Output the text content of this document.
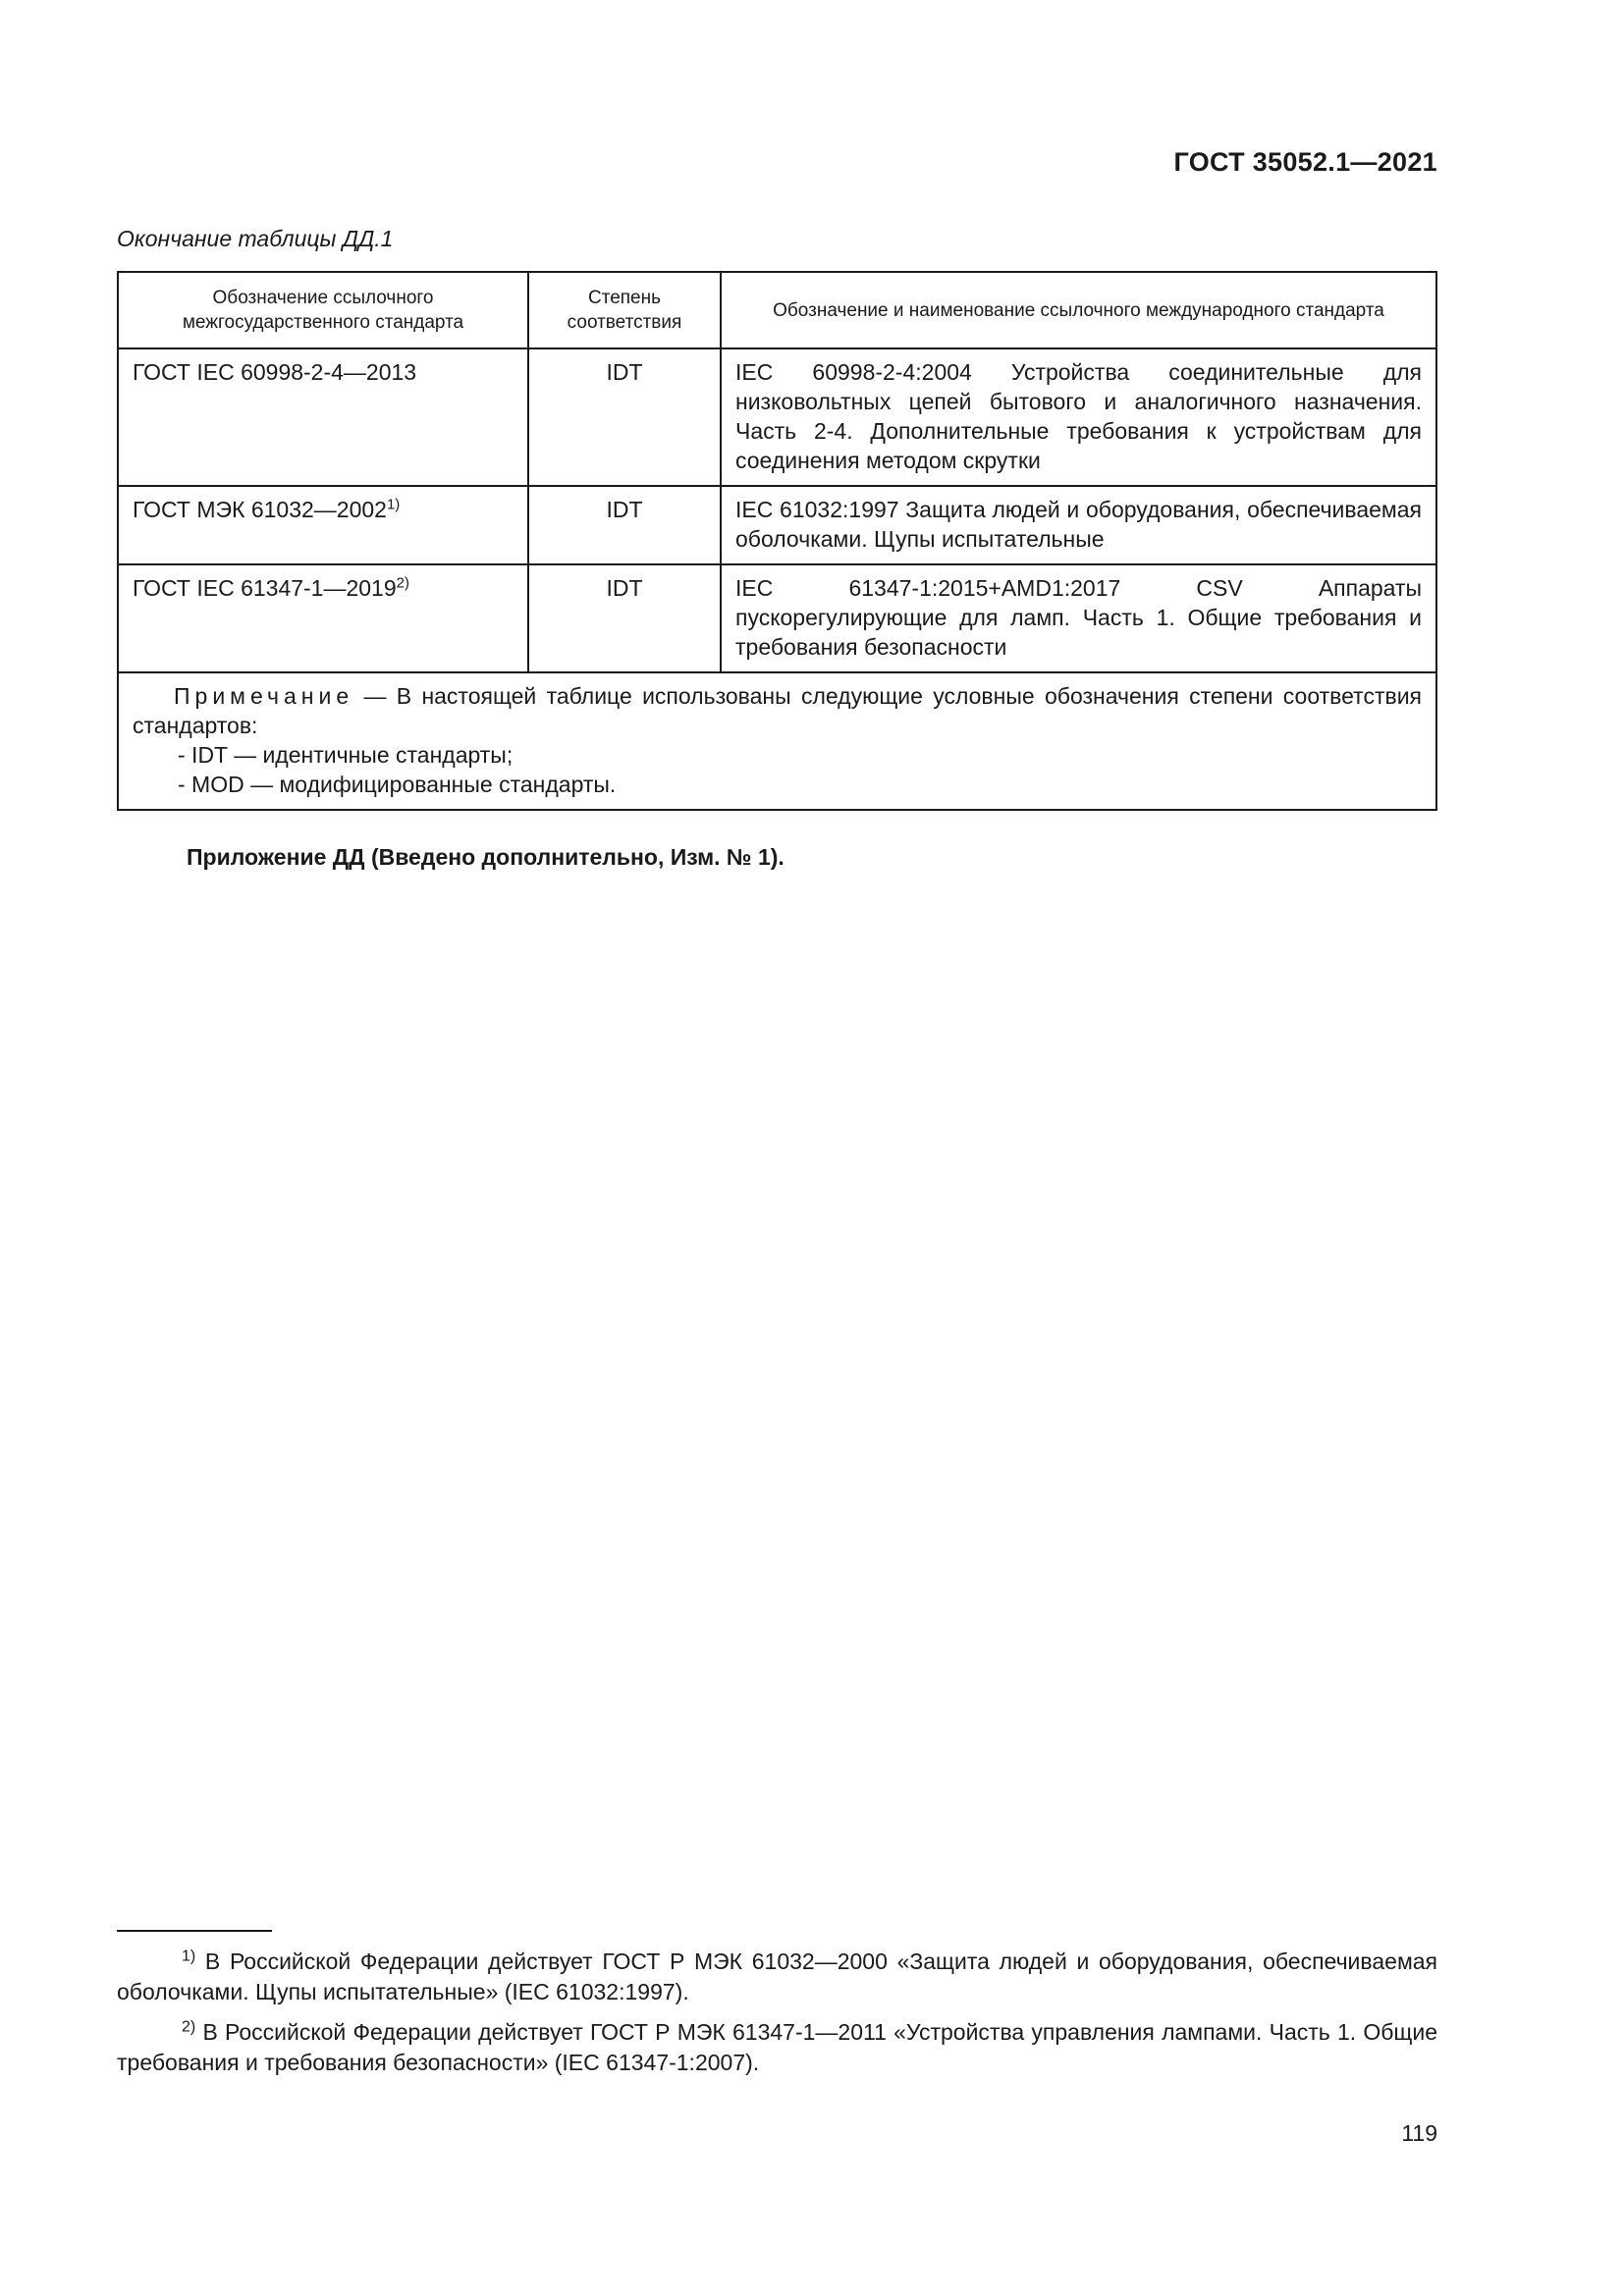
ГОСТ 35052.1—2021
Окончание таблицы ДД.1
Обозначение ссылочного межгосударственного стандарта	Степень соответствия	Обозначение и наименование ссылочного международного стандарта
ГОСТ IEC 60998-2-4—2013	IDT	IEC 60998-2-4:2004 Устройства соединительные для низковольтных цепей бытового и аналогичного назначения. Часть 2-4. Дополнительные требования к устройствам для соединения методом скрутки
ГОСТ МЭК 61032—2002$^{1)}$	IDT	IEC 61032:1997 Защита людей и оборудования, обеспечиваемая оболочками. Щупы испытательные
ГОСТ IEC 61347-1—2019$^{2)}$	IDT	IEC 61347-1:2015+AMD1:2017 CSV Аппараты пускорегулирующие для ламп. Часть 1. Общие требования и требования безопасности

Примечание — В настоящей таблице использованы следующие условные обозначения степени соответствия стандартов:
- IDT — идентичные стандарты;
- MOD — модифицированные стандарты.		
Приложение ДД (Введено дополнительно, Изм. № 1).
$^{1)}$ В Российской Федерации действует ГОСТ Р МЭК 61032—2000 «Защита людей и оборудования, обеспечиваемая оболочками. Щупы испытательные» (IEC 61032:1997).
$^{2)}$ В Российской Федерации действует ГОСТ Р МЭК 61347-1—2011 «Устройства управления лампами. Часть 1. Общие требования и требования безопасности» (IEC 61347-1:2007).
119
